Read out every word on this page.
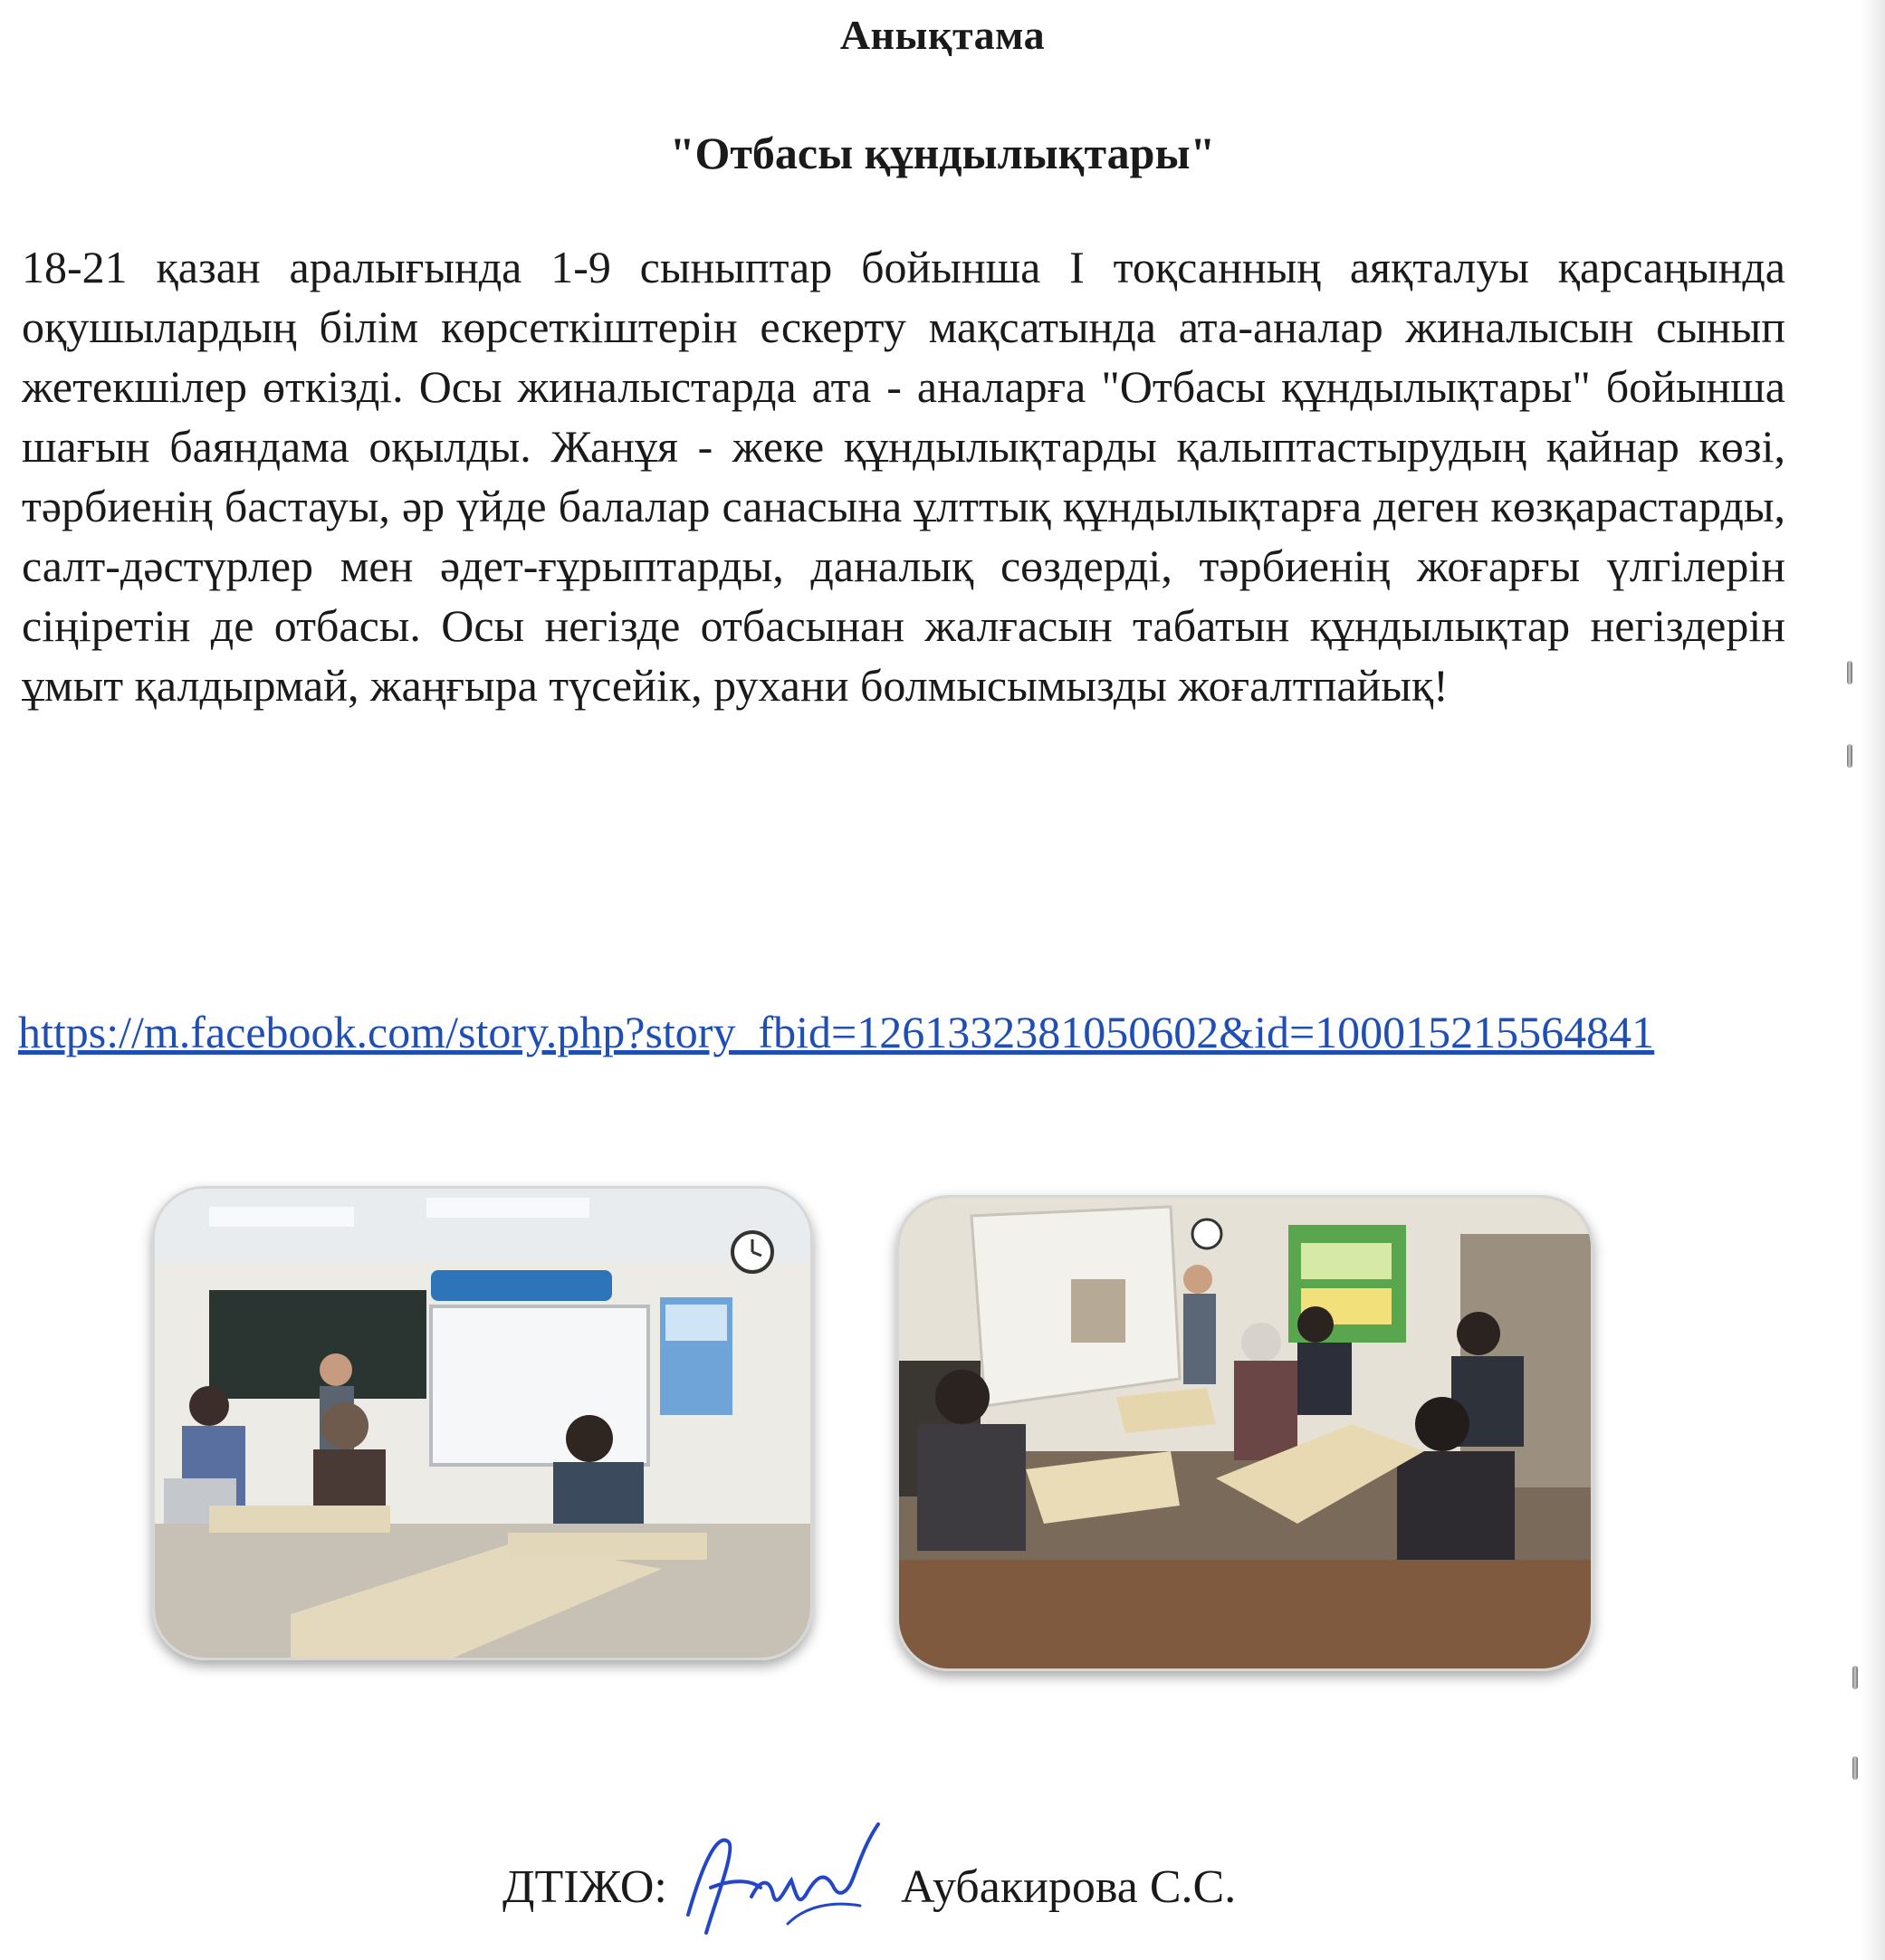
Анықтама
"Отбасы құндылықтары"

18-21 қазан аралығында 1-9 сыныптар бойынша І тоқсанның аяқталуы қарсаңында оқушылардың білім көрсеткіштерін ескерту мақсатында ата-аналар жиналысын сынып жетекшілер өткізді. Осы жиналыстарда ата - аналарға "Отбасы құндылықтары" бойынша шағын баяндама оқылды. Жанұя - жеке құндылықтарды қалыптастырудың қайнар көзі, тәрбиенің бастауы, әр үйде балалар санасына ұлттық құндылықтарға деген көзқарастарды, салт-дәстүрлер мен әдет-ғұрыптарды, даналық сөздерді, тәрбиенің жоғарғы үлгілерін сіңіретін де отбасы. Осы негізде отбасынан жалғасын табатын құндылықтар негіздерін ұмыт қалдырмай, жаңғыра түсейік, рухани болмысымызды жоғалтпайық!

https://m.facebook.com/story.php?story_fbid=1261332381050602&id=100015215564841
ДТІЖО:	Аубакирова С.С.
